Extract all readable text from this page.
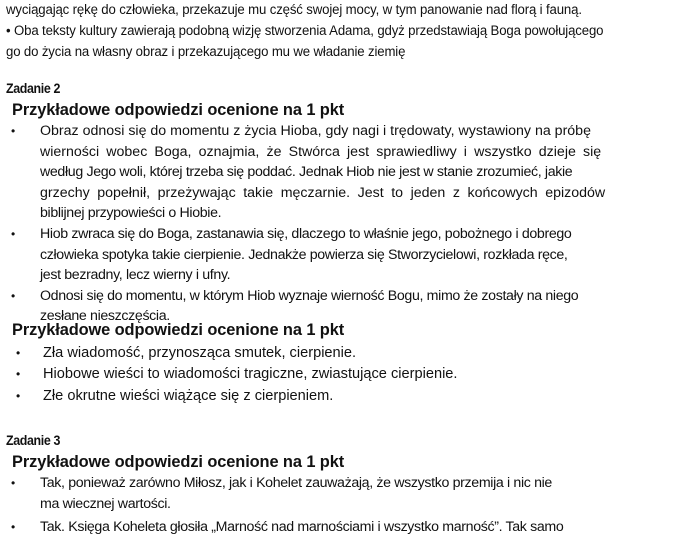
wyciągając rękę do człowieka, przekazuje mu część swojej mocy, w tym panowanie nad florą i fauną.

• Oba teksty kultury zawierają podobną wizję stworzenia Adama, gdyż przedstawiają Boga powołującego

go do życia na własny obraz i przekazującego mu we władanie ziemię

Zadanie 2
Przykładowe odpowiedzi ocenione na 1 pkt
• Obraz odnosi się do momentu z życia Hioba, gdy nagi i trędowaty, wystawiony na próbę
wierności wobec Boga, oznajmia, że Stwórca jest sprawiedliwy i wszystko dzieje się
według Jego woli, której trzeba się poddać. Jednak Hiob nie jest w stanie zrozumieć, jakie
grzechy popełnił, przeżywając takie męczarnie. Jest to jeden z końcowych epizodów
biblijnej przypowieści o Hiobie.
• Hiob zwraca się do Boga, zastanawia się, dlaczego to właśnie jego, pobożnego i dobrego
człowieka spotyka takie cierpienie. Jednakże powierza się Stworzycielowi, rozkłada ręce,
jest bezradny, lecz wierny i ufny.
• Odnosi się do momentu, w którym Hiob wyznaje wierność Bogu, mimo że zostały na niego
zesłane nieszczęścia.
Przykładowe odpowiedzi ocenione na 1 pkt
• Zła wiadomość, przynosząca smutek, cierpienie.
• Hiobowe wieści to wiadomości tragiczne, zwiastujące cierpienie.
• Złe okrutne wieści wiążące się z cierpieniem.
Zadanie 3
Przykładowe odpowiedzi ocenione na 1 pkt
• Tak, ponieważ zarówno Miłosz, jak i Kohelet zauważają, że wszystko przemija i nic nie
ma wiecznej wartości.
• Tak. Księga Koheleta głosiła „Marność nad marnościami i wszystko marność”. Tak samo
